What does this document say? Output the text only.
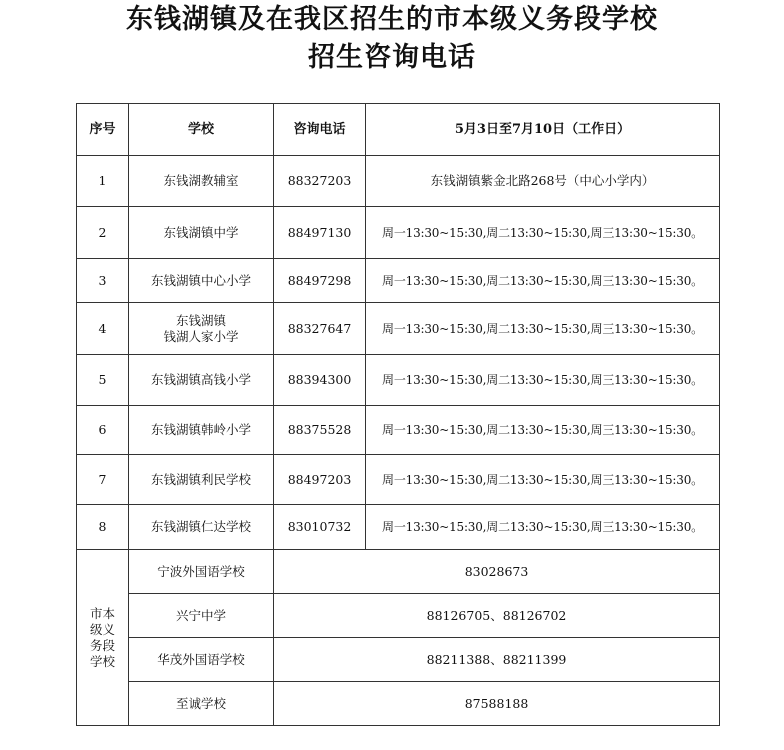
东钱湖镇及在我区招生的市本级义务段学校
招生咨询电话
序号	学校	咨询电话	5月3日至7月10日（工作日）
1	东钱湖教辅室	88327203	东钱湖镇紫金北路268号（中心小学内）
2	东钱湖镇中学	88497130	周一13:30~15:30,周二13:30~15:30,周三13:30~15:30。
3	东钱湖镇中心小学	88497298	周一13:30~15:30,周二13:30~15:30,周三13:30~15:30。
4	东钱湖镇
钱湖人家小学	88327647	周一13:30~15:30,周二13:30~15:30,周三13:30~15:30。
5	东钱湖镇高钱小学	88394300	周一13:30~15:30,周二13:30~15:30,周三13:30~15:30。
6	东钱湖镇韩岭小学	88375528	周一13:30~15:30,周二13:30~15:30,周三13:30~15:30。
7	东钱湖镇利民学校	88497203	周一13:30~15:30,周二13:30~15:30,周三13:30~15:30。
8	东钱湖镇仁达学校	83010732	周一13:30~15:30,周二13:30~15:30,周三13:30~15:30。
市本
级义
务段
学校	宁波外国语学校	83028673	
	兴宁中学	88126705、88126702	
	华茂外国语学校	88211388、88211399	
	至诚学校	87588188	
